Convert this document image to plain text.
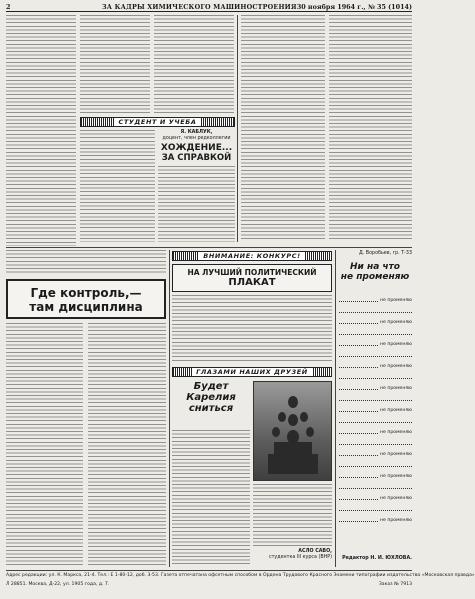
2	ЗА КАДРЫ ХИМИЧЕСКОГО МАШИНОСТРОЕНИЯ 30 ноября 1964 г., № 35 (1014)
СТУДЕНТ И УЧЕБА
Я. КАБЛУК,
доцент, член редколлегии
ХОЖДЕНИЕ...
ЗА СПРАВКОЙ
Где контроль,—
там дисциплина
ВНИМАНИЕ: КОНКУРС!
НА ЛУЧШИЙ ПОЛИТИЧЕСКИЙ
ПЛАКАТ
ГЛАЗАМИ НАШИХ ДРУЗЕЙ
Будет
Карелия
сниться
АСЛО САВО,
студентка III курса (ВНР)
Д. Воробьев, гр. Т-33
Ни на что
не променяю
не променяю
не променяю
не променяю
не променяю
не променяю
не променяю
не променяю
не променяю
не променяю
не променяю
не променяю
Редактор Н. И. ЮХЛОВА.
Адрес редакции: ул. К. Маркса, 21-4. Тел.: Е 1-80-12, доб. 3-53. Газета отпечатана офсетным способом в Ордена Трудового Красного Знамени типографии издательства «Московская правда»
Л 28851. Москва, Д-22, ул. 1905 года, д. 7.	Заказ № 7913
